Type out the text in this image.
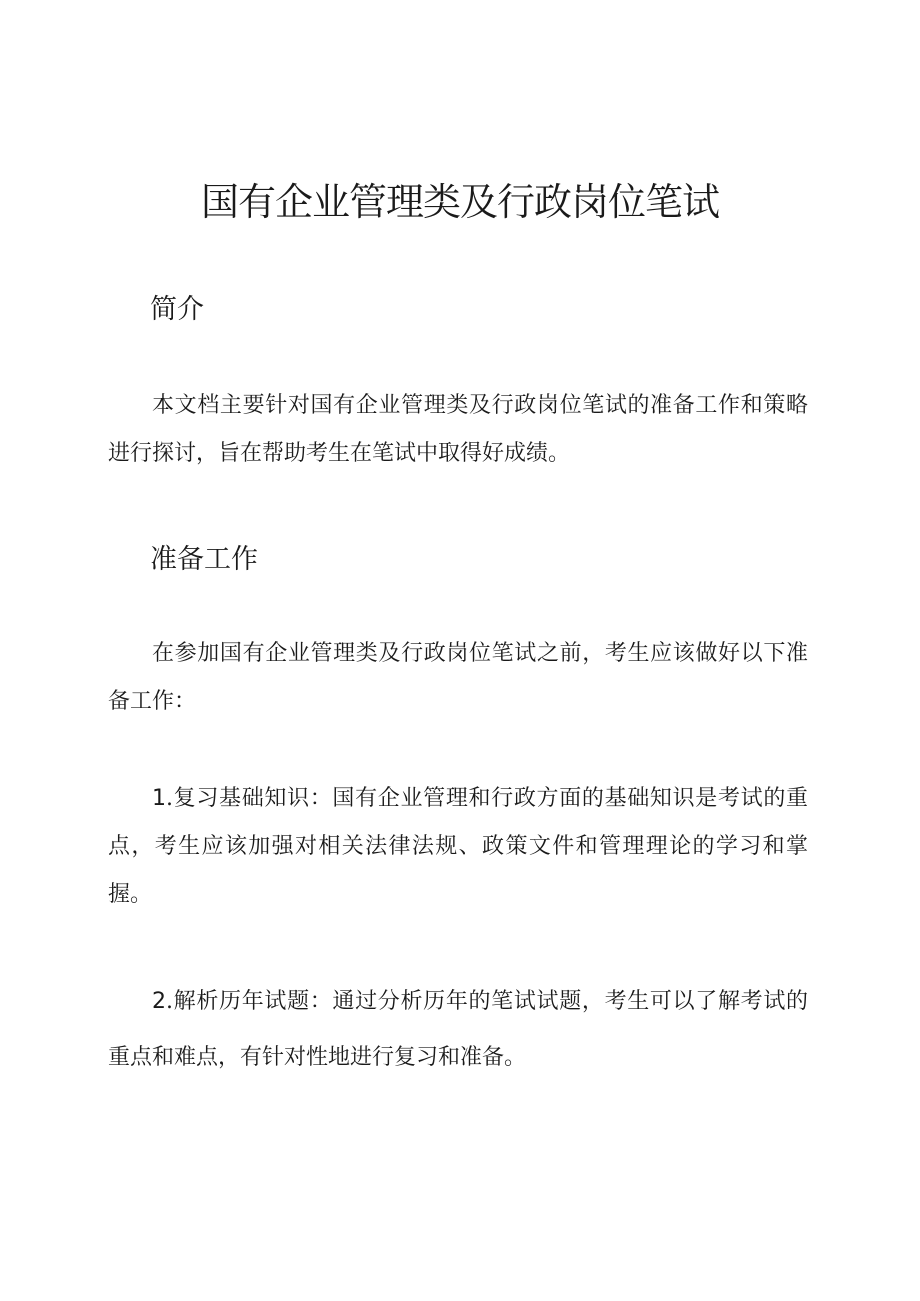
国有企业管理类及行政岗位笔试
简介

本文档主要针对国有企业管理类及行政岗位笔试的准备工作和策略进行探讨，旨在帮助考生在笔试中取得好成绩。

准备工作

在参加国有企业管理类及行政岗位笔试之前，考生应该做好以下准备工作：

1.复习基础知识：国有企业管理和行政方面的基础知识是考试的重点，考生应该加强对相关法律法规、政策文件和管理理论的学习和掌握。

2.解析历年试题：通过分析历年的笔试试题，考生可以了解考试的重点和难点，有针对性地进行复习和准备。
